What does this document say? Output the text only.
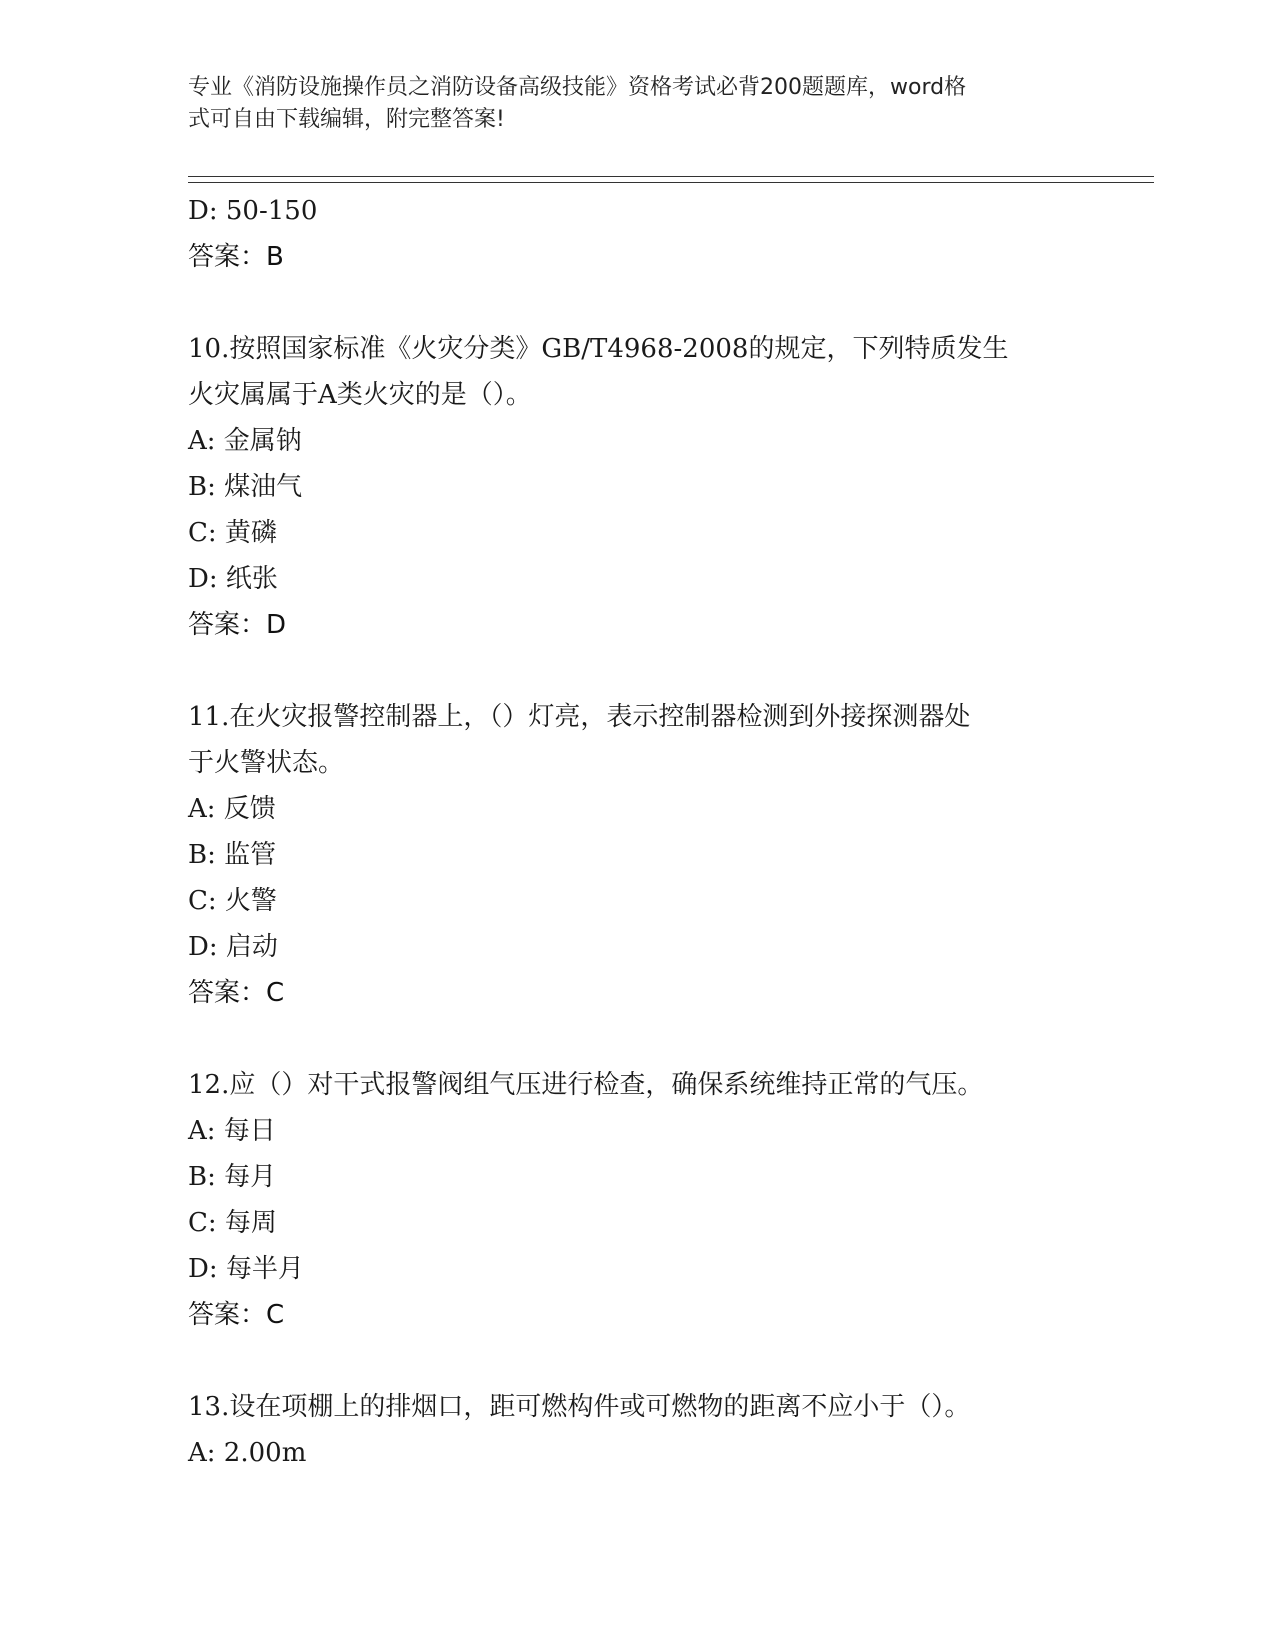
专业《消防设施操作员之消防设备高级技能》资格考试必背200题题库，word格
式可自由下载编辑，附完整答案!
D: 50-150
答案：B
10.按照国家标准《火灾分类》GB/T4968-2008的规定，下列特质发生
火灾属属于A类火灾的是（）。
A: 金属钠
B: 煤油气
C: 黄磷
D: 纸张
答案：D
11.在火灾报警控制器上，（）灯亮，表示控制器检测到外接探测器处
于火警状态。
A: 反馈
B: 监管
C: 火警
D: 启动
答案：C
12.应（）对干式报警阀组气压进行检查，确保系统维持正常的气压。
A: 每日
B: 每月
C: 每周
D: 每半月
答案：C
13.设在项棚上的排烟口，距可燃构件或可燃物的距离不应小于（）。
A: 2.00m
